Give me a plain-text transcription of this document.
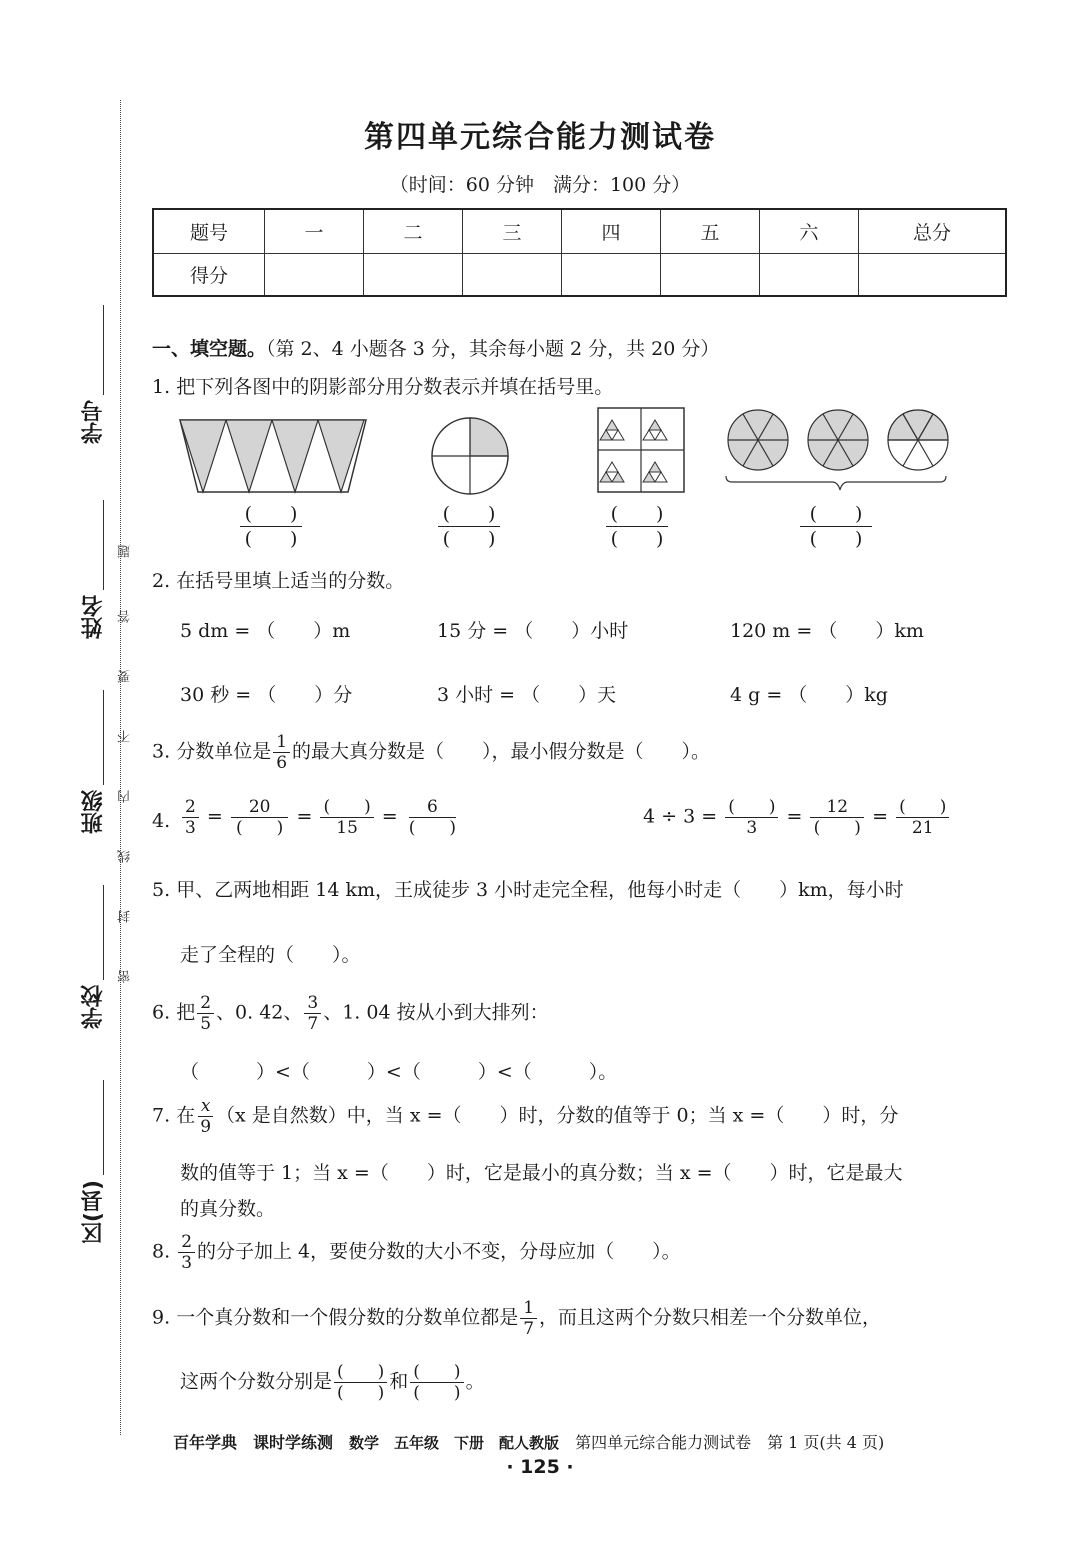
学号
姓名
班级
学校
区(县)
题
答
要
不
内
线
封
密
第四单元综合能力测试卷
（时间：60 分钟　满分：100 分）
题号	一	二	三	四	五	六	总分
得分							
一、填空题。（第 2、4 小题各 3 分，其余每小题 2 分，共 20 分）
1. 把下列各图中的阴影部分用分数表示并填在括号里。
(　　)
(　　)
(　　)
(　　)
(　　)
(　　)
(　　)
(　　)
2. 在括号里填上适当的分数。
5 dm = （　　）m	15 分 = （　　）小时	120 m = （　　）km
30 秒 = （　　）分	3 小时 = （　　）天	4 g = （　　）kg
3. 分数单位是 $\frac{1}{6}$ 的最大真分数是（　　），最小假分数是（　　）。
4. $\frac{2}{3}$ =	20
(　　)
= (　　)
15
=	6
(　　)
4 ÷ 3 = (　　)
3
=	12
(　　)
= (　　)
21
5. 甲、乙两地相距 14 km，王成徒步 3 小时走完全程，他每小时走（　　）km，每小时
走了全程的（　　）。
6. 把 $\frac{2}{5}$ 、0. 42、 $\frac{3}{7}$ 、1. 04 按从小到大排列：
（　　　）<（　　　）<（　　　）<（　　　）。
7. 在 $\frac{x}{9} (x$ 是自然数）中，当 x =（　　）时，分数的值等于 0；当 x =（　　）时，分
数的值等于 1；当 x =（　　）时，它是最小的真分数；当 x =（　　）时，它是最大
的真分数。
8. $\frac{2}{3}$ 的分子加上 4，要使分数的大小不变，分母应加（　　）。
9. 一个真分数和一个假分数的分数单位都是 $\frac{1}{7}$ ，而且这两个分数只相差一个分数单位，
这两个分数分别是 (　　)
(　　)
和 (　　)
(　　)
。
百年学典　课时学练测　 数学　五年级　下册　配人教版　 第四单元综合能力测试卷　第 1 页(共 4 页)
· 125 ·
